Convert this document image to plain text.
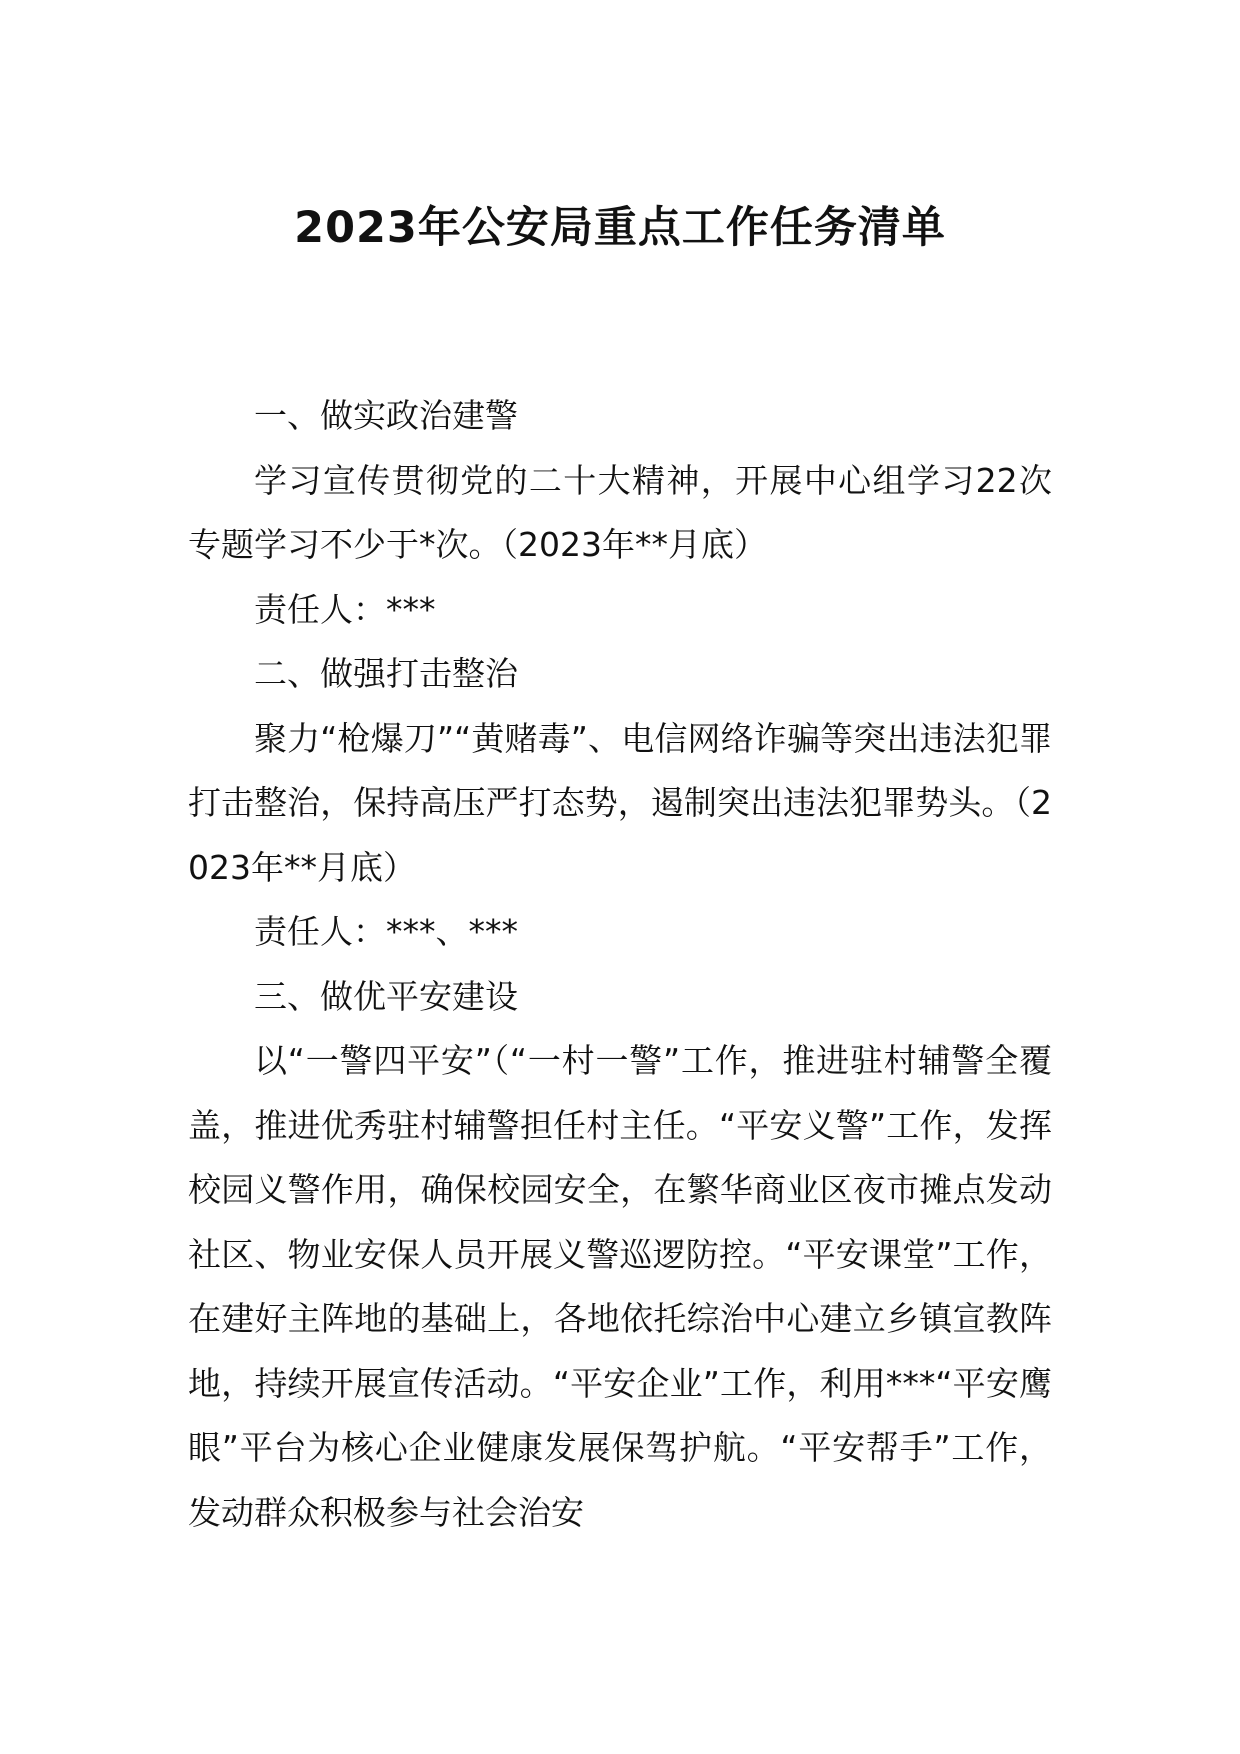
2023年公安局重点工作任务清单

一、做实政治建警

学习宣传贯彻党的二十大精神，开展中心组学习22次专题学习不少于*次。（2023年**月底）

责任人：***

二、做强打击整治

聚力“枪爆刀”“黄赌毒”、电信网络诈骗等突出违法犯罪打击整治，保持高压严打态势，遏制突出违法犯罪势头。（2023年**月底）

责任人：***、***

三、做优平安建设

以“一警四平安”（“一村一警”工作，推进驻村辅警全覆盖，推进优秀驻村辅警担任村主任。“平安义警”工作，发挥校园义警作用，确保校园安全，在繁华商业区夜市摊点发动社区、物业安保人员开展义警巡逻防控。“平安课堂”工作，在建好主阵地的基础上，各地依托综治中心建立乡镇宣教阵地，持续开展宣传活动。“平安企业”工作，利用***“平安鹰眼”平台为核心企业健康发展保驾护航。“平安帮手”工作，发动群众积极参与社会治安
